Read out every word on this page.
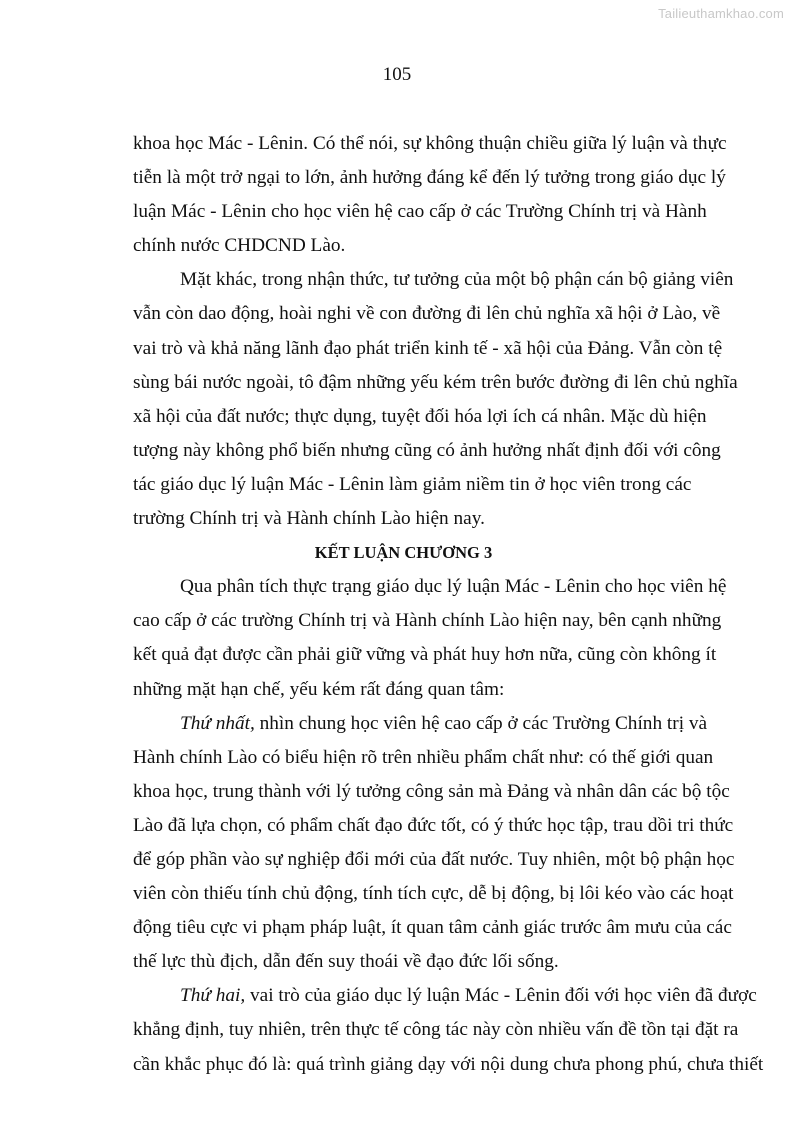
Tailieuthamkhao.com
105
khoa học Mác - Lênin. Có thể nói, sự không thuận chiều giữa lý luận và thực
tiễn là một trở ngại to lớn, ảnh hưởng đáng kể đến lý tưởng trong giáo dục lý
luận Mác - Lênin cho học viên hệ cao cấp ở các Trường Chính trị và Hành
chính nước CHDCND Lào.
Mặt khác, trong nhận thức, tư tưởng của một bộ phận cán bộ giảng viên
vẫn còn dao động, hoài nghi về con đường đi lên chủ nghĩa xã hội ở Lào, về
vai trò và khả năng lãnh đạo phát triển kinh tế - xã hội của Đảng. Vẫn còn tệ
sùng bái nước ngoài, tô đậm những yếu kém trên bước đường đi lên chủ nghĩa
xã hội của đất nước; thực dụng, tuyệt đối hóa lợi ích cá nhân. Mặc dù hiện
tượng này không phổ biến nhưng cũng có ảnh hưởng nhất định đối với công
tác giáo dục lý luận Mác - Lênin làm giảm niềm tin ở học viên trong các
trường Chính trị và Hành chính Lào hiện nay.
KẾT LUẬN CHƯƠNG 3
Qua phân tích thực trạng giáo dục lý luận Mác - Lênin cho học viên hệ
cao cấp ở các trường Chính trị và Hành chính Lào hiện nay, bên cạnh những
kết quả đạt được cần phải giữ vững và phát huy hơn nữa, cũng còn không ít
những mặt hạn chế, yếu kém rất đáng quan tâm:
Thứ nhất, nhìn chung học viên hệ cao cấp ở các Trường Chính trị và
Hành chính Lào có biểu hiện rõ trên nhiều phẩm chất như: có thế giới quan
khoa học, trung thành với lý tưởng công sản mà Đảng và nhân dân các bộ tộc
Lào đã lựa chọn, có phẩm chất đạo đức tốt, có ý thức học tập, trau dồi tri thức
để góp phần vào sự nghiệp đổi mới của đất nước. Tuy nhiên, một bộ phận học
viên còn thiếu tính chủ động, tính tích cực, dễ bị động, bị lôi kéo vào các hoạt
động tiêu cực vi phạm pháp luật, ít quan tâm cảnh giác trước âm mưu của các
thế lực thù địch, dẫn đến suy thoái về đạo đức lối sống.
Thứ hai, vai trò của giáo dục lý luận Mác - Lênin đối với học viên đã được
khẳng định, tuy nhiên, trên thực tế công tác này còn nhiều vấn đề tồn tại đặt ra
cần khắc phục đó là: quá trình giảng dạy với nội dung chưa phong phú, chưa thiết
